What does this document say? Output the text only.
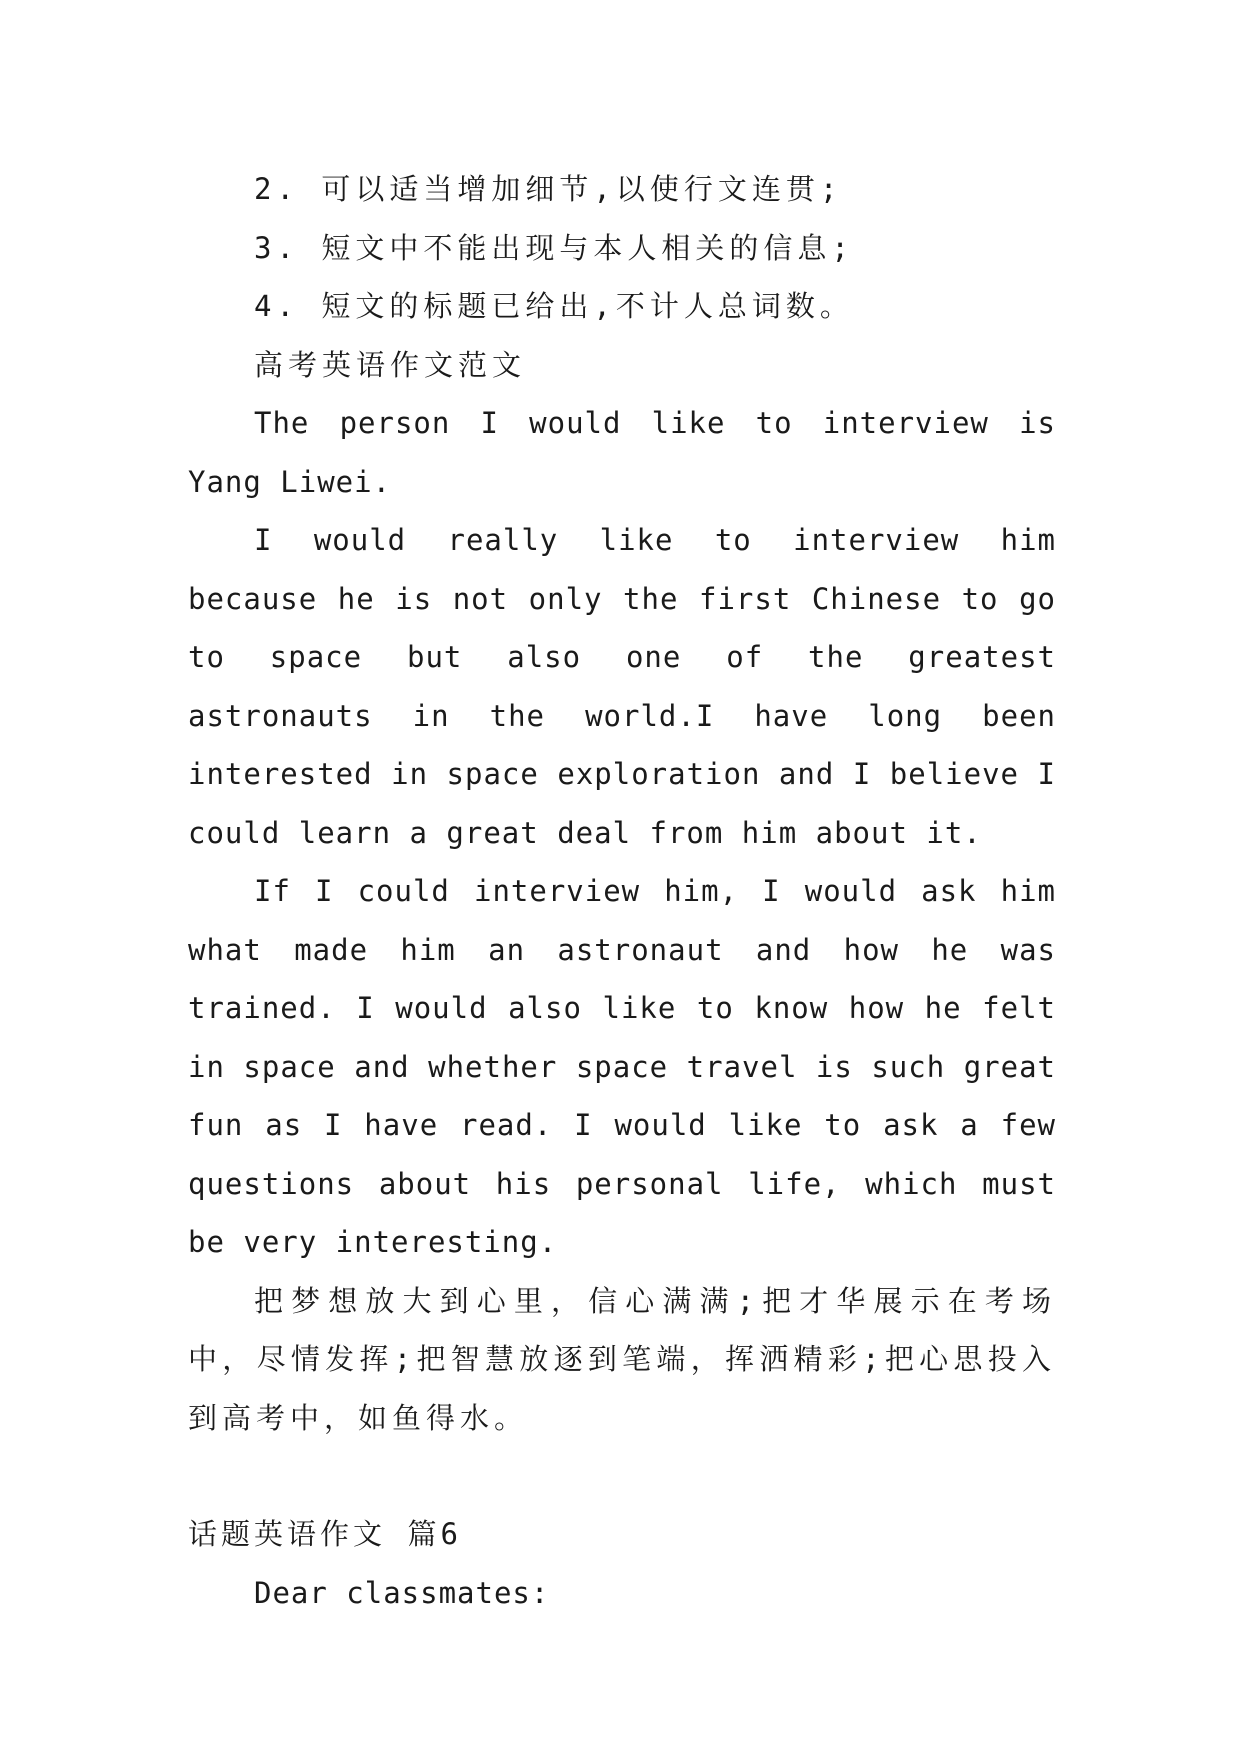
2. 可以适当增加细节,以使行文连贯;

3. 短文中不能出现与本人相关的信息;

4. 短文的标题已给出,不计人总词数。

高考英语作文范文

The person I would like to interview is Yang Liwei.

I would really like to interview him because he is not only the first Chinese to go to space but also one of the greatest astronauts in the world.I have long been interested in space exploration and I believe I could learn a great deal from him about it.

If I could interview him, I would ask him what made him an astronaut and how he was trained. I would also like to know how he felt in space and whether space travel is such great fun as I have read. I would like to ask a few questions about his personal life, which must be very interesting.

把梦想放大到心里，信心满满;把才华展示在考场中，尽情发挥;把智慧放逐到笔端，挥洒精彩;把心思投入到高考中，如鱼得水。

话题英语作文 篇6

Dear classmates:
